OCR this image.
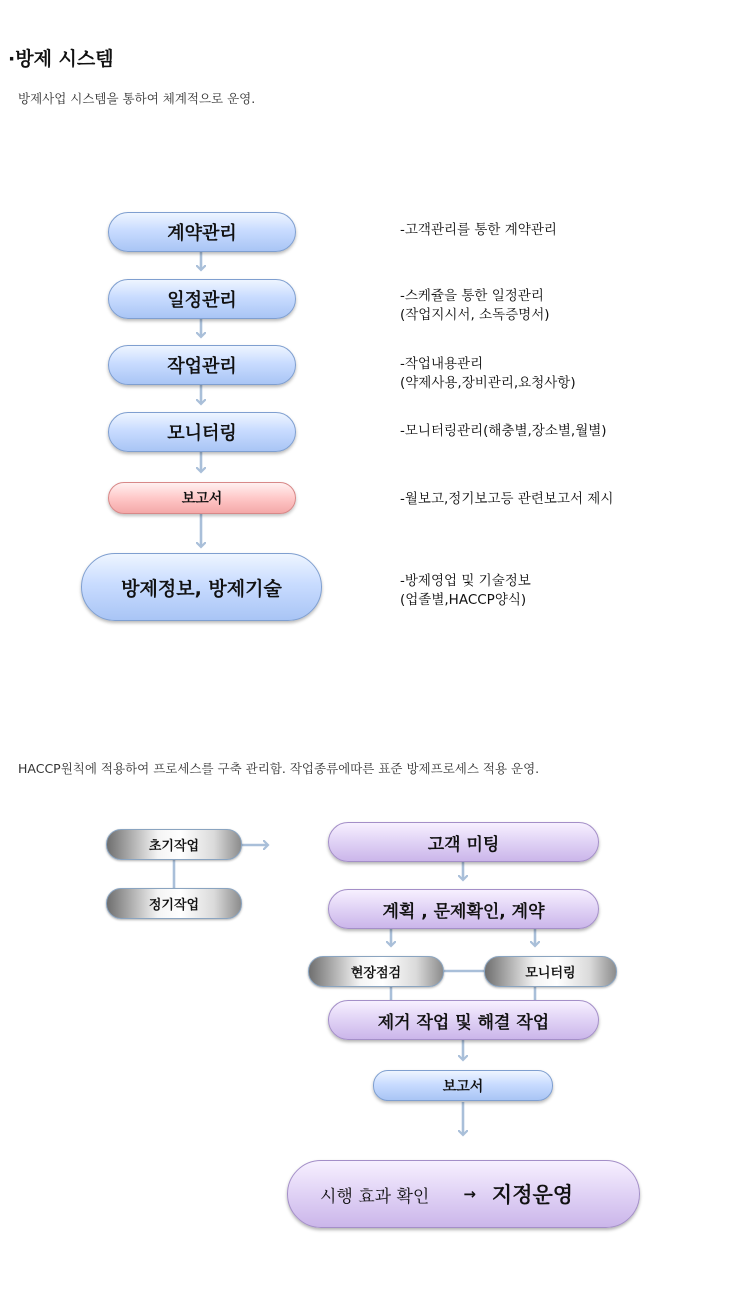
·방제 시스템
방제사업 시스템을 통하여 체계적으로 운영.
계약관리
일정관리
작업관리
모니터링
보고서
방제정보, 방제기술
-고객관리를 통한 계약관리
-스케쥴을 통한 일정관리
(작업지시서, 소독증명서)
-작업내용관리
(약제사용,장비관리,요청사항)
-모니터링관리(해충별,장소별,월별)
-월보고,정기보고등 관련보고서 제시
-방제영업 및 기술정보
(업졸별,HACCP양식)
HACCP원칙에 적용하여 프로세스를 구축 관리함. 작업종류에따른 표준 방제프로세스 적용 운영.
초기작업
정기작업
고객 미팅
계획 , 문제확인, 계약
현장점검	모니터링
제거 작업 및 해결 작업
보고서
시행 효과 확인 → 지정운영
